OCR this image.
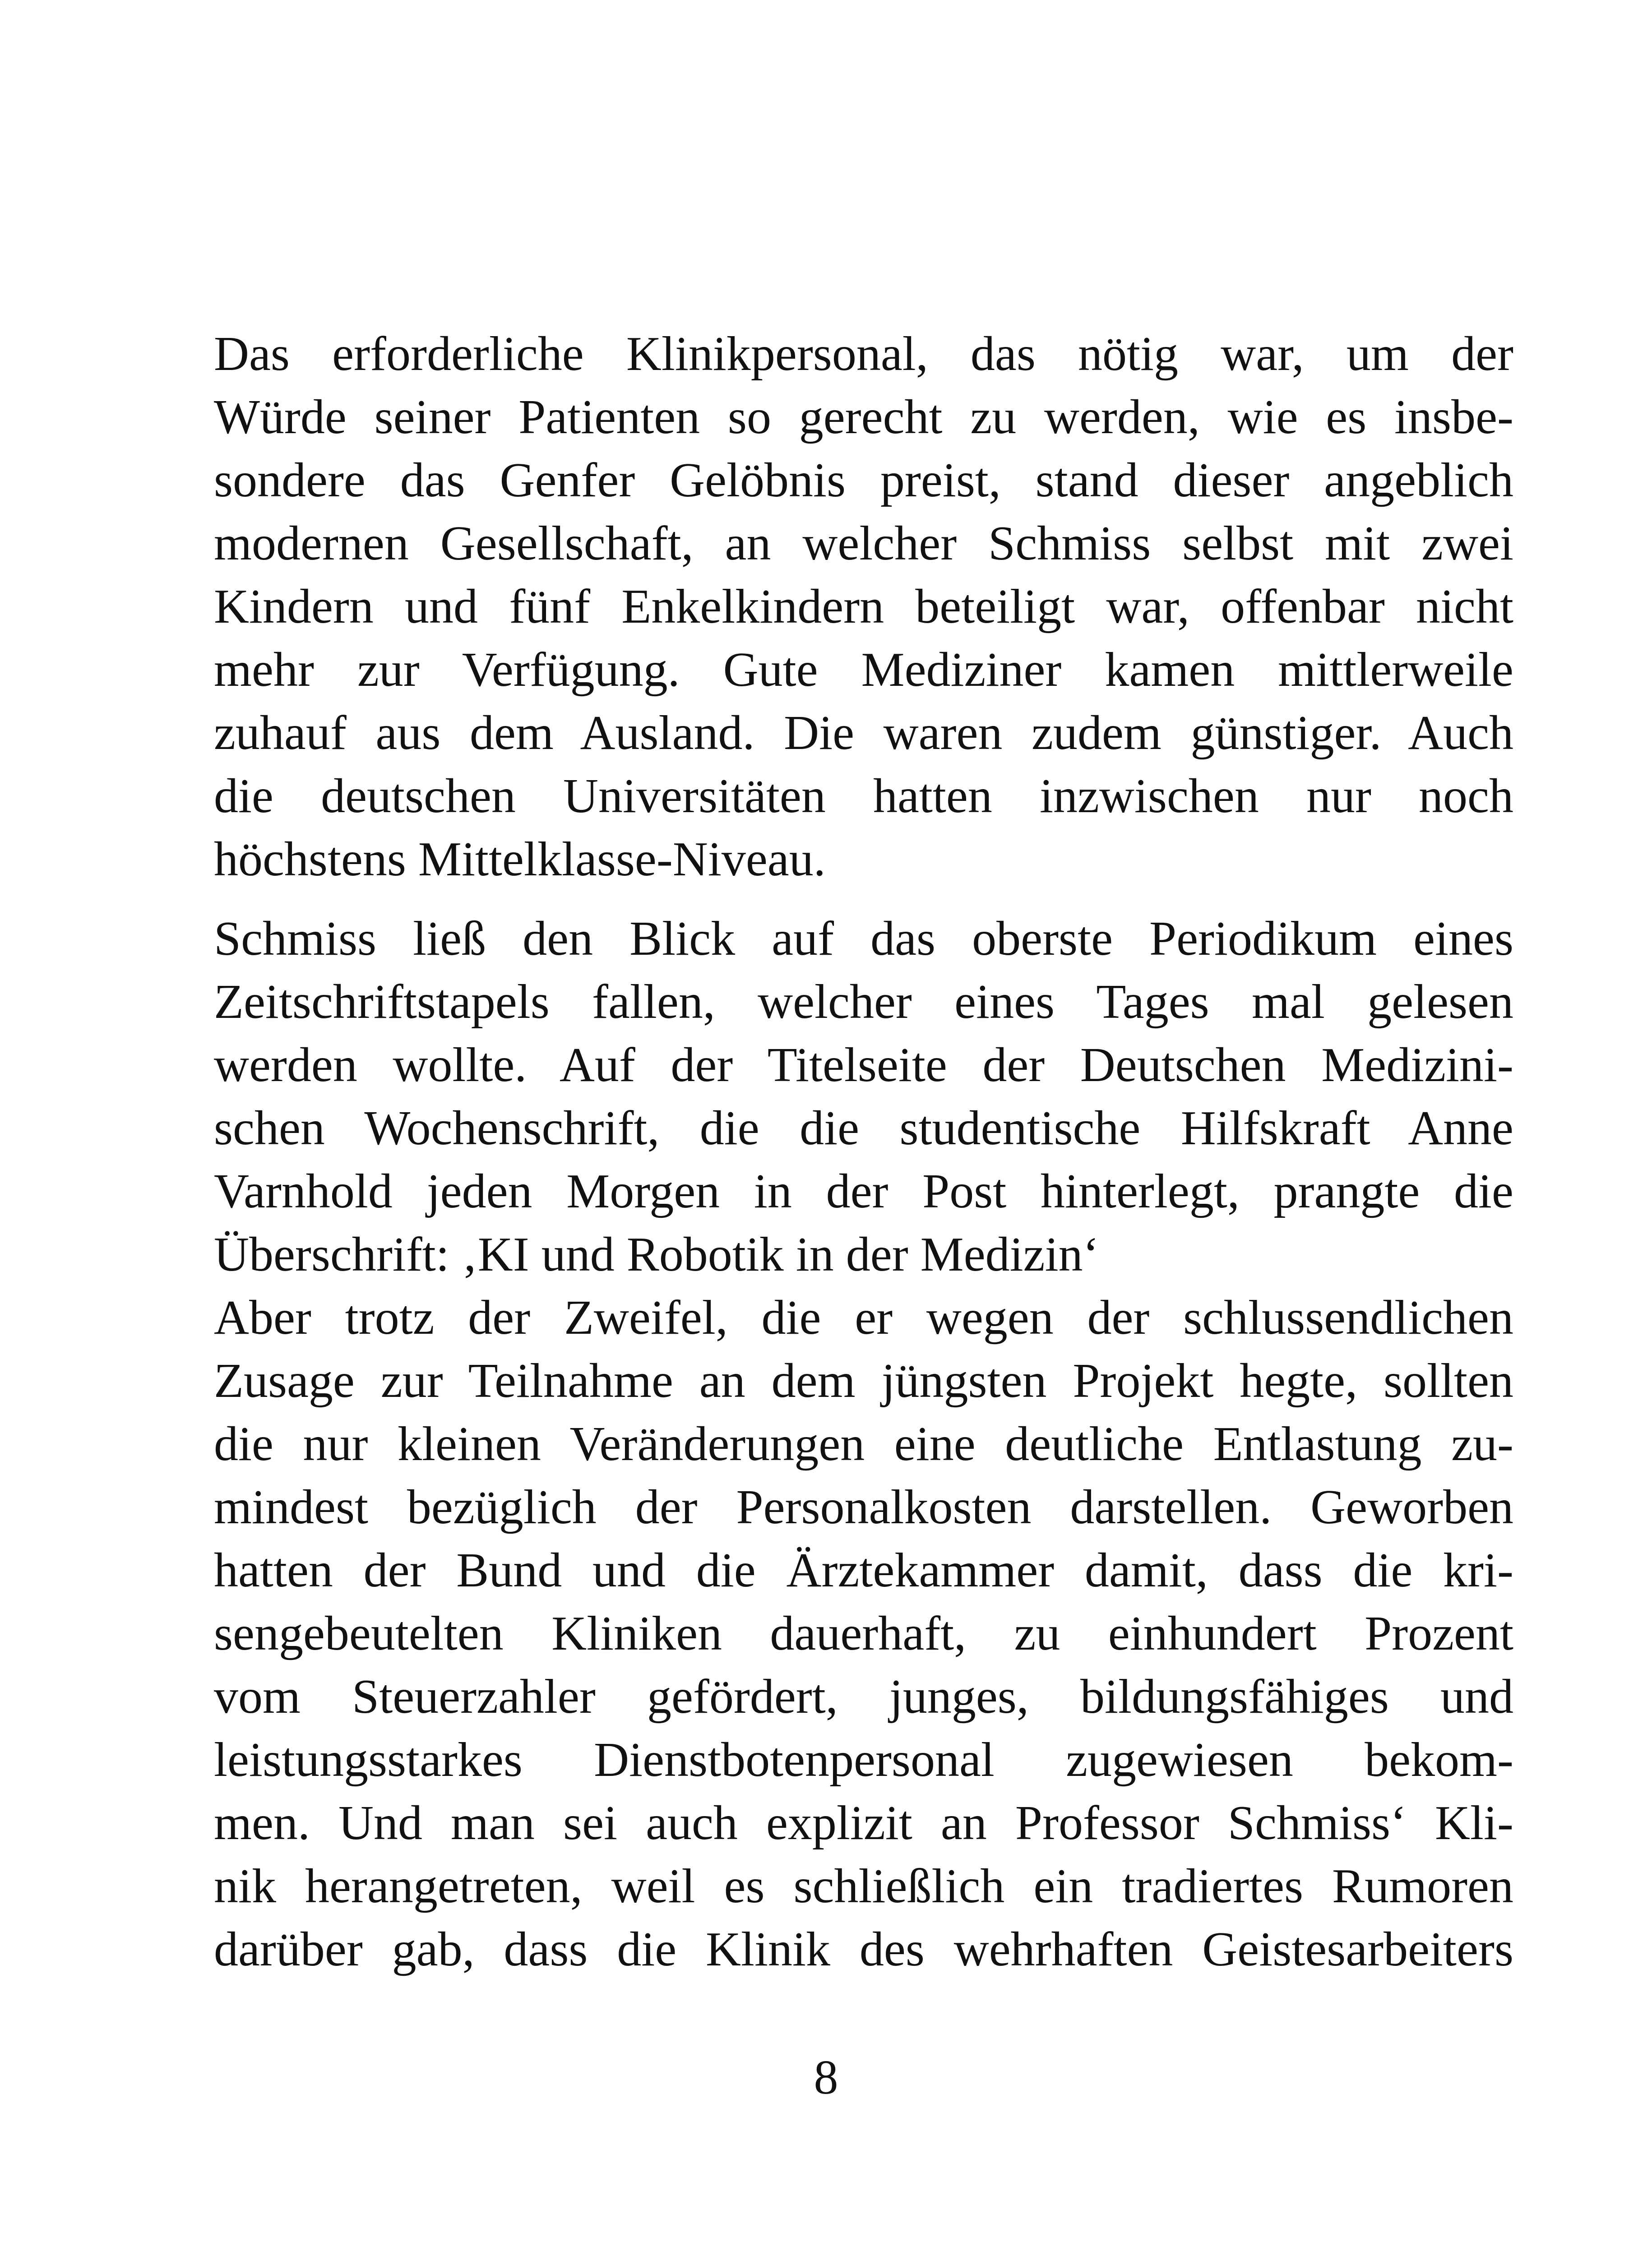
Das erforderliche Klinikpersonal, das nötig war, um der
Würde seiner Patienten so gerecht zu werden, wie es insbe-
sondere das Genfer Gelöbnis preist, stand dieser angeblich
modernen Gesellschaft, an welcher Schmiss selbst mit zwei
Kindern und fünf Enkelkindern beteiligt war, offenbar nicht
mehr zur Verfügung. Gute Mediziner kamen mittlerweile
zuhauf aus dem Ausland. Die waren zudem günstiger. Auch
die deutschen Universitäten hatten inzwischen nur noch
höchstens Mittelklasse-Niveau.
Schmiss ließ den Blick auf das oberste Periodikum eines
Zeitschriftstapels fallen, welcher eines Tages mal gelesen
werden wollte. Auf der Titelseite der Deutschen Medizini-
schen Wochenschrift, die die studentische Hilfskraft Anne
Varnhold jeden Morgen in der Post hinterlegt, prangte die
Überschrift: ‚KI und Robotik in der Medizin‘
Aber trotz der Zweifel, die er wegen der schlussendlichen
Zusage zur Teilnahme an dem jüngsten Projekt hegte, sollten
die nur kleinen Veränderungen eine deutliche Entlastung zu-
mindest bezüglich der Personalkosten darstellen. Geworben
hatten der Bund und die Ärztekammer damit, dass die kri-
sengebeutelten Kliniken dauerhaft, zu einhundert Prozent
vom Steuerzahler gefördert, junges, bildungsfähiges und
leistungsstarkes Dienstbotenpersonal zugewiesen bekom-
men. Und man sei auch explizit an Professor Schmiss‘ Kli-
nik herangetreten, weil es schließlich ein tradiertes Rumoren
darüber gab, dass die Klinik des wehrhaften Geistesarbeiters
8
